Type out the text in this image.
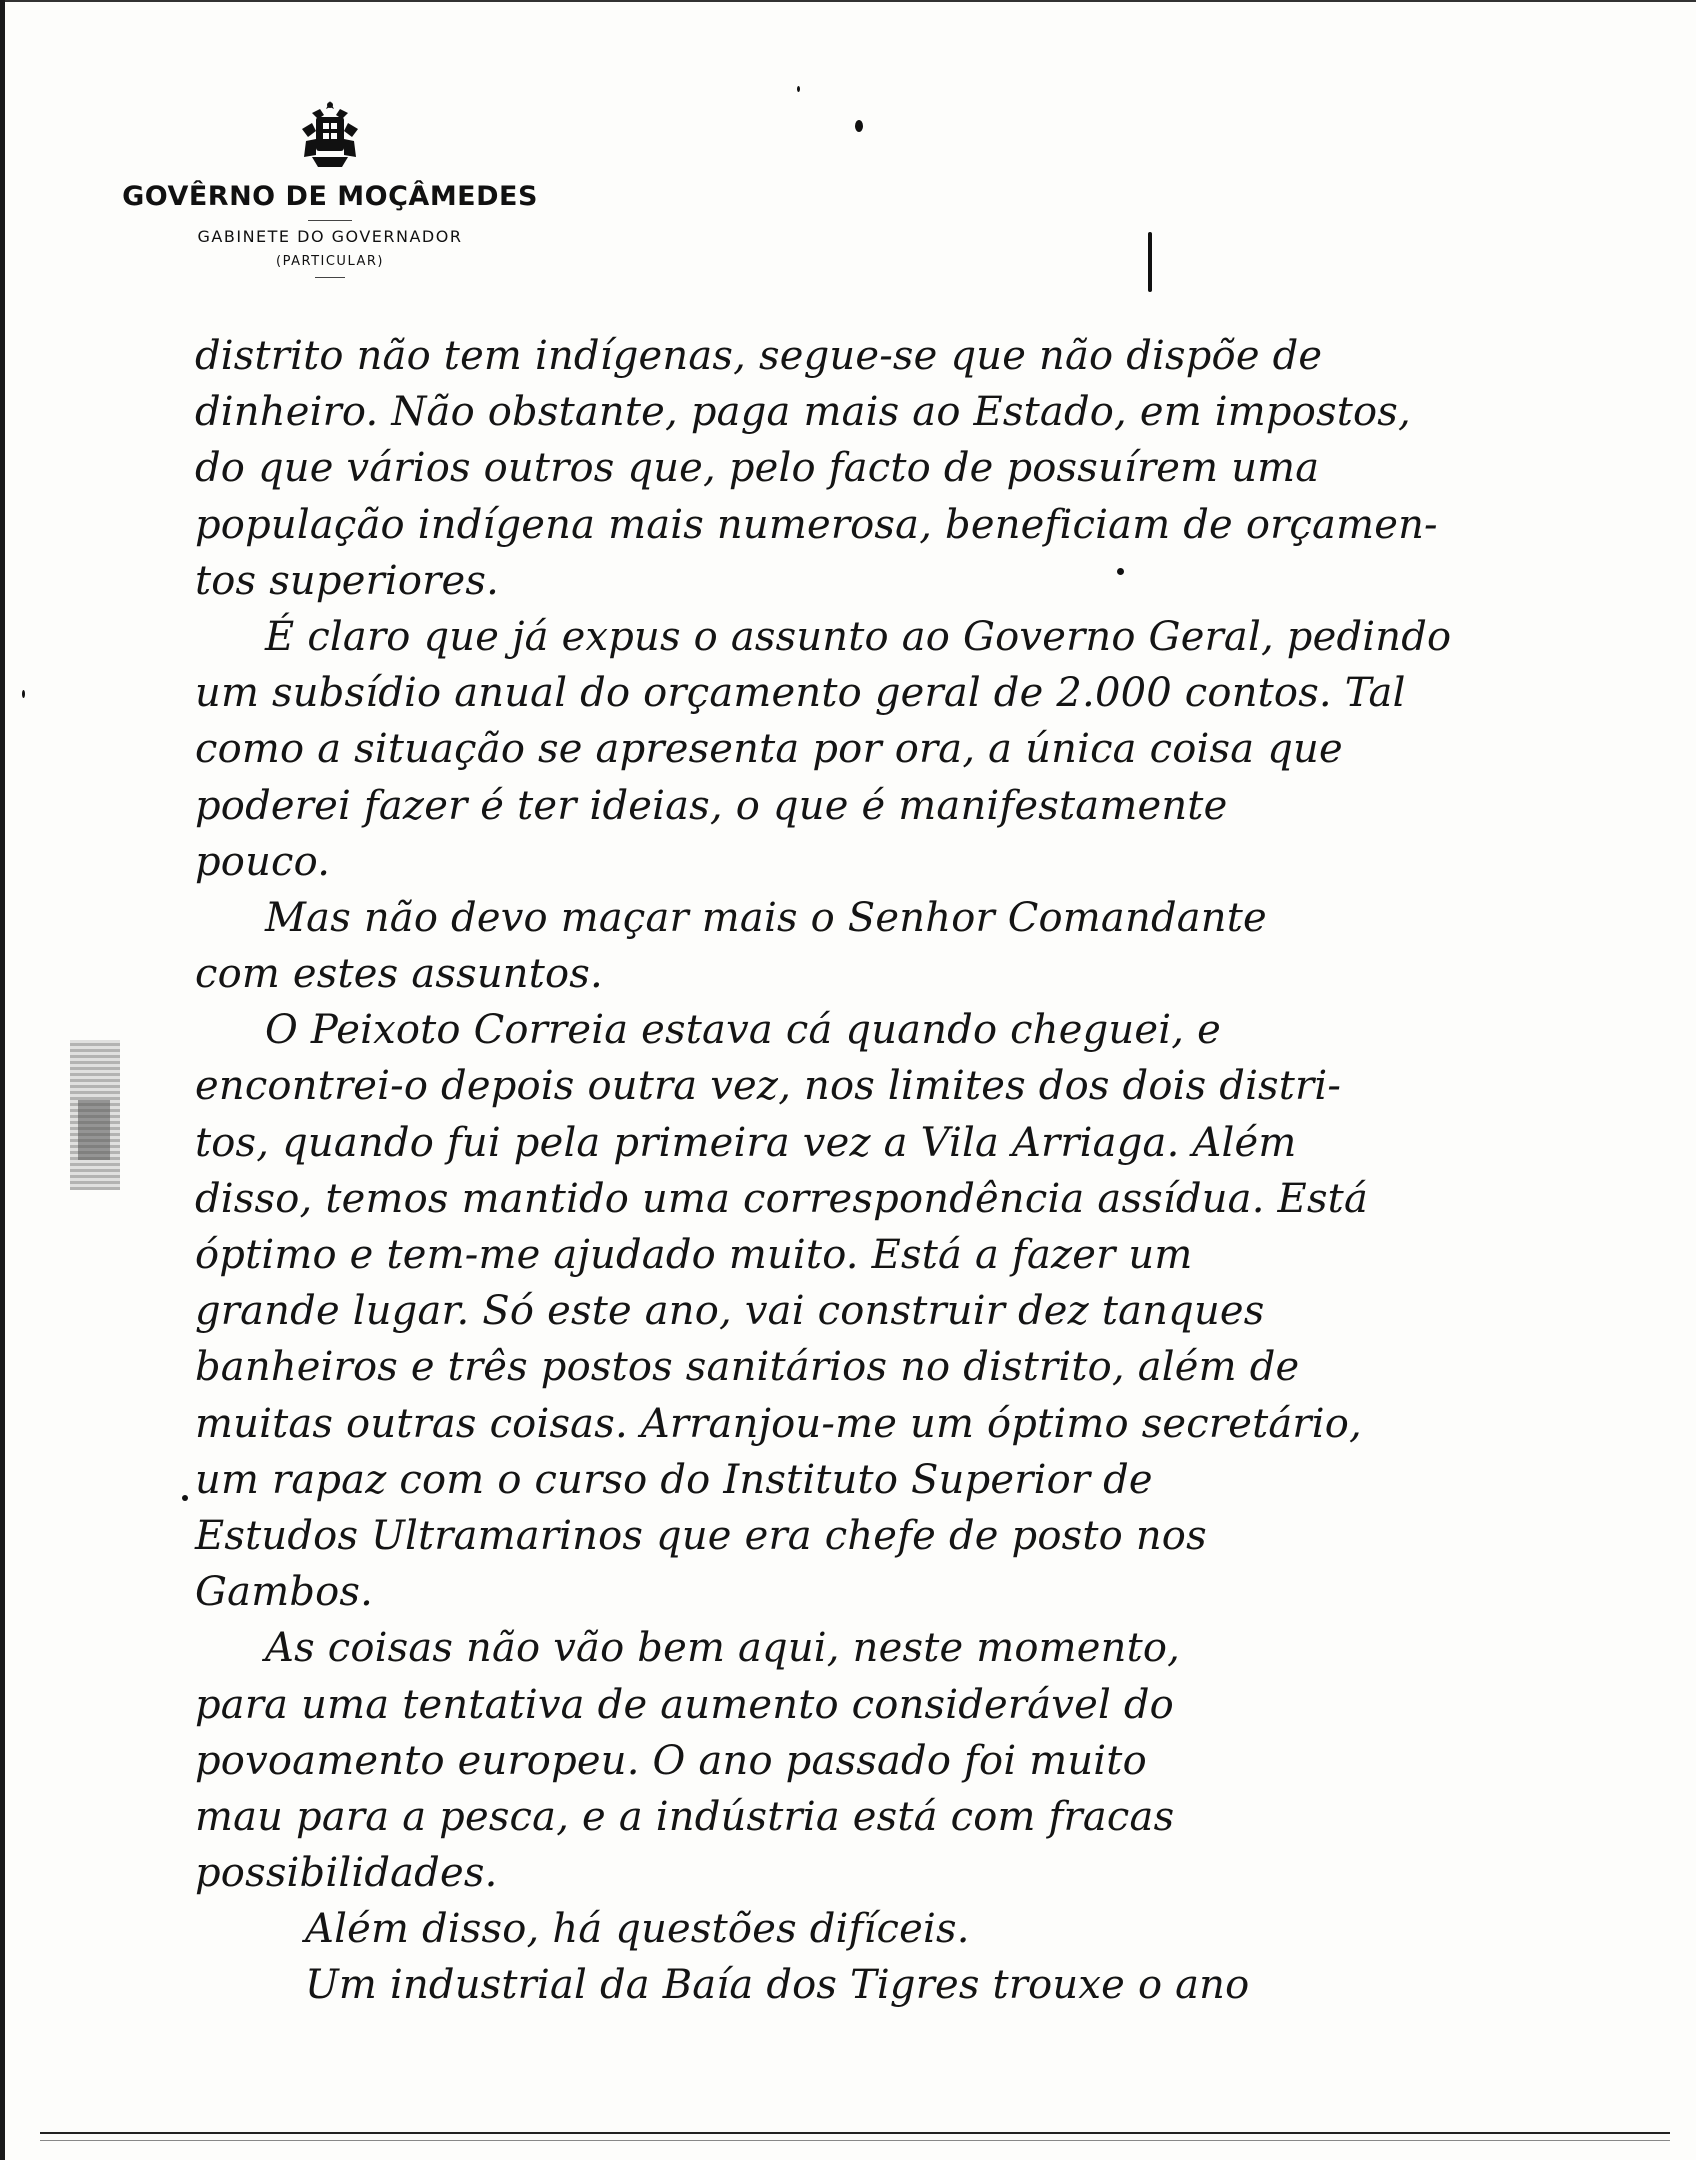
GOVÊRNO DE MOÇÂMEDES
GABINETE DO GOVERNADOR
(PARTICULAR)
distrito não tem indígenas, segue-se que não dispõe de
dinheiro. Não obstante, paga mais ao Estado, em impostos,
do que vários outros que, pelo facto de possuírem uma
população indígena mais numerosa, beneficiam de orçamen-
tos superiores.
É claro que já expus o assunto ao Governo Geral, pedindo
um subsídio anual do orçamento geral de 2.000 contos. Tal
como a situação se apresenta por ora, a única coisa que
poderei fazer é ter ideias, o que é manifestamente
pouco.
Mas não devo maçar mais o Senhor Comandante
com estes assuntos.
O Peixoto Correia estava cá quando cheguei, e
encontrei-o depois outra vez, nos limites dos dois distri-
tos, quando fui pela primeira vez a Vila Arriaga. Além
disso, temos mantido uma correspondência assídua. Está
óptimo e tem-me ajudado muito. Está a fazer um
grande lugar. Só este ano, vai construir dez tanques
banheiros e três postos sanitários no distrito, além de
muitas outras coisas. Arranjou-me um óptimo secretário,
um rapaz com o curso do Instituto Superior de
Estudos Ultramarinos que era chefe de posto nos
Gambos.
As coisas não vão bem aqui, neste momento,
para uma tentativa de aumento considerável do
povoamento europeu. O ano passado foi muito
mau para a pesca, e a indústria está com fracas
possibilidades.
Além disso, há questões difíceis.
Um industrial da Baía dos Tigres trouxe o ano
